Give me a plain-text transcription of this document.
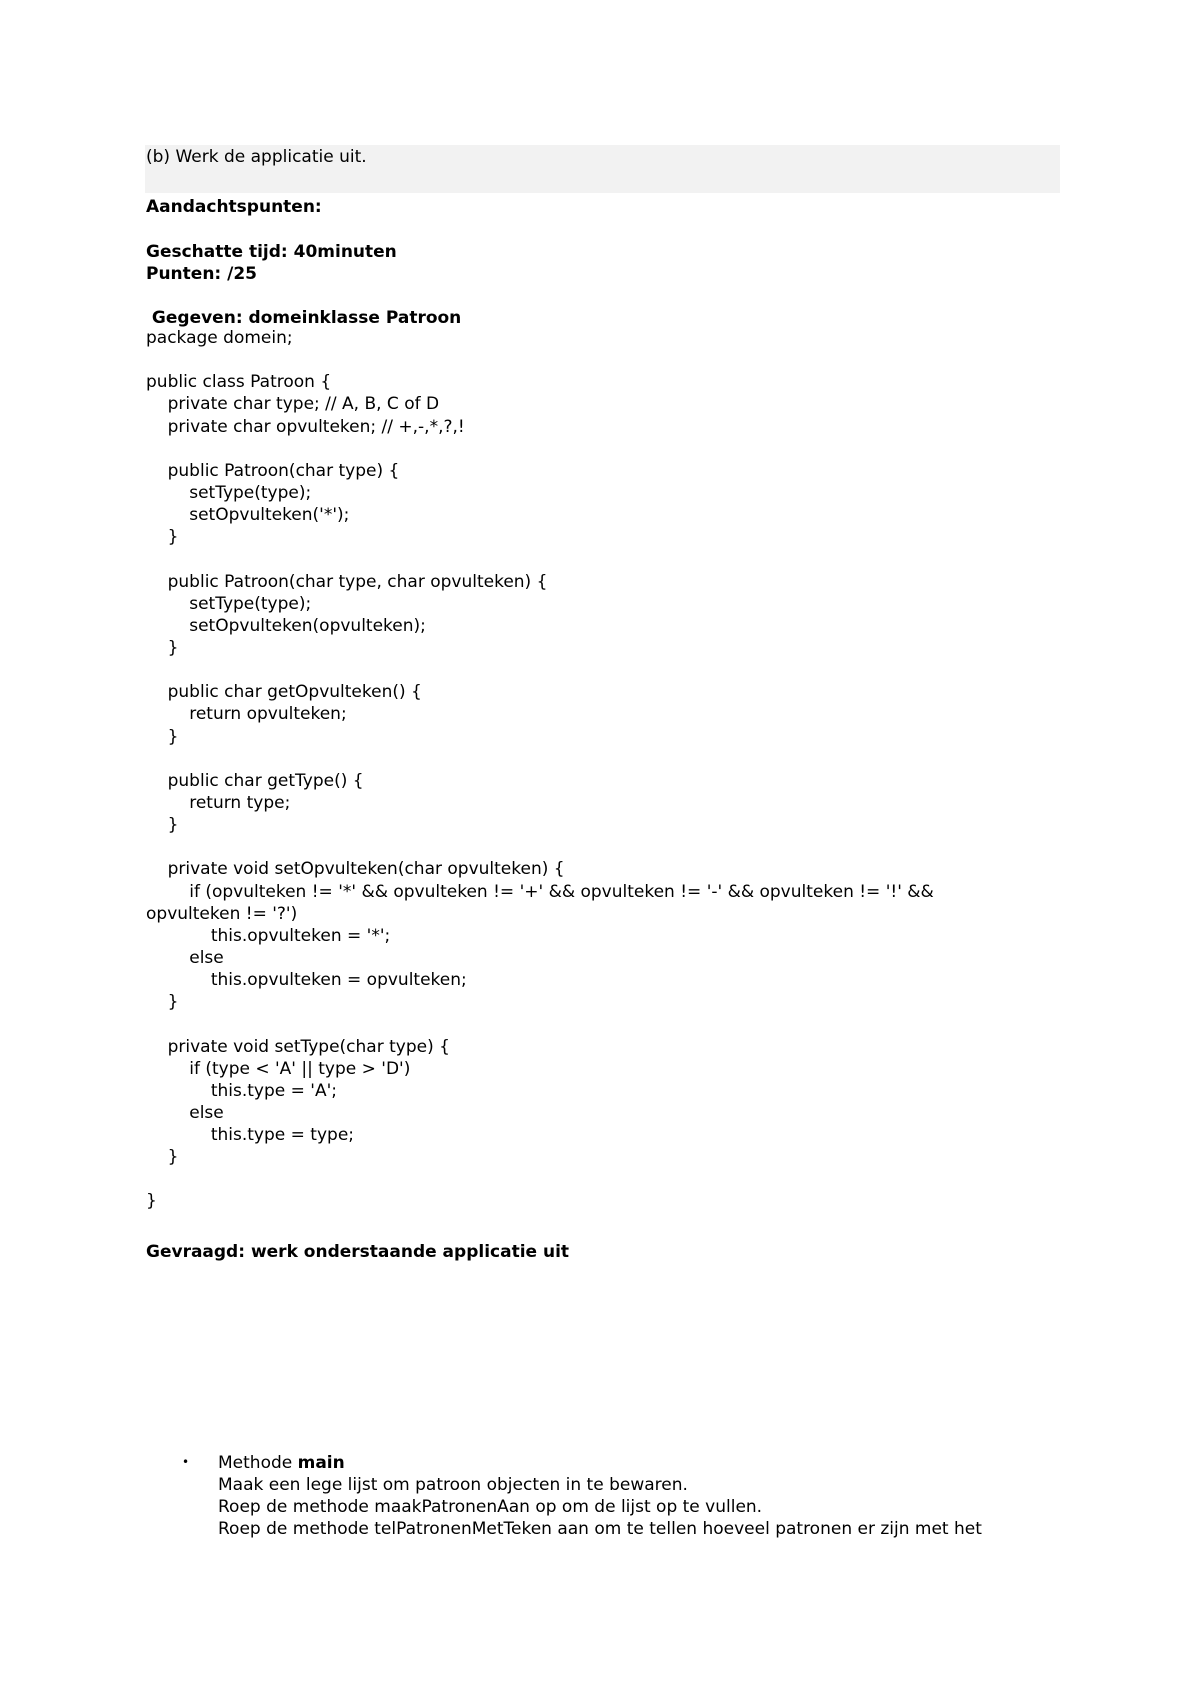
(b) Werk de applicatie uit.
Aandachtspunten:
Geschatte tijd: 40minuten
Punten: /25
Gegeven: domeinklasse Patroon
package domein;
public class Patroon {
private char type; // A, B, C of D
private char opvulteken; // +,-,*,?,!
public Patroon(char type) {
setType(type);
setOpvulteken('*');
}
public Patroon(char type, char opvulteken) {
setType(type);
setOpvulteken(opvulteken);
}
public char getOpvulteken() {
return opvulteken;
}
public char getType() {
return type;
}
private void setOpvulteken(char opvulteken) {
if (opvulteken != '*' && opvulteken != '+' && opvulteken != '-' && opvulteken != '!' &&
opvulteken != '?')
this.opvulteken = '*';
else
this.opvulteken = opvulteken;
}
private void setType(char type) {
if (type < 'A' || type > 'D')
this.type = 'A';
else
this.type = type;
}
}
Gevraagd: werk onderstaande applicatie uit
• Methode main
Maak een lege lijst om patroon objecten in te bewaren.
Roep de methode maakPatronenAan op om de lijst op te vullen.
Roep de methode telPatronenMetTeken aan om te tellen hoeveel patronen er zijn met het
